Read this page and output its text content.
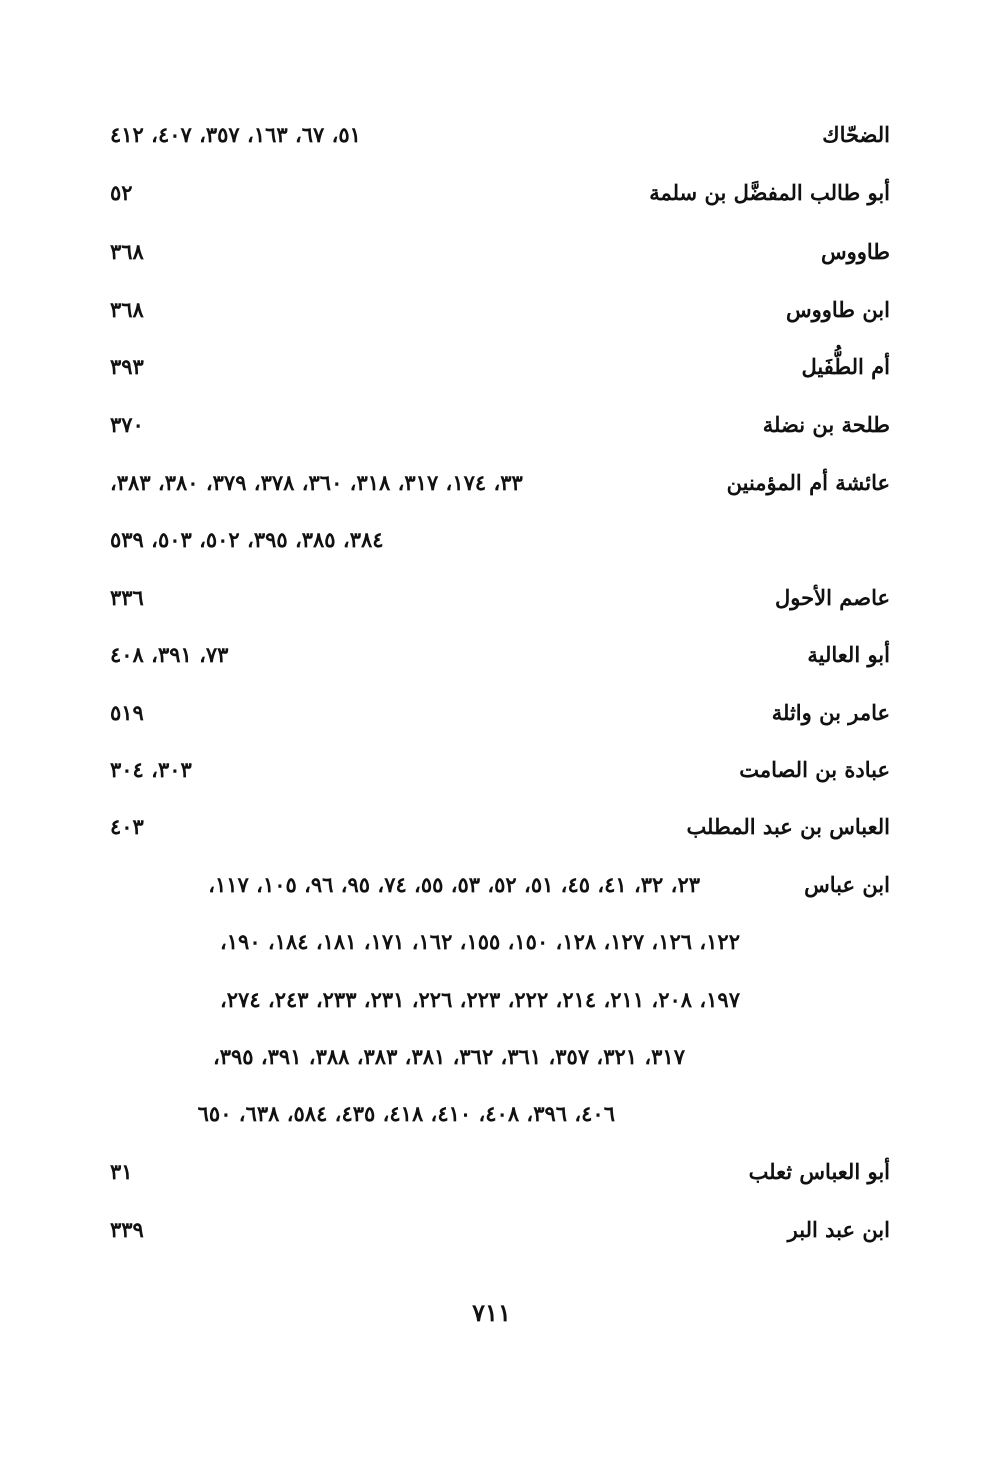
الضحّاك
٥١، ٦٧، ١٦٣، ٣٥٧، ٤٠٧، ٤١٢
أبو طالب المفضَّل بن سلمة
٥٢
طاووس
٣٦٨
ابن طاووس
٣٦٨
أم الطُّفَيل
٣٩٣
طلحة بن نضلة
٣٧٠
عائشة أم المؤمنين
٣٣، ١٧٤، ٣١٧، ٣١٨، ٣٦٠، ٣٧٨، ٣٧٩، ٣٨٠، ٣٨٣،
٣٨٤، ٣٨٥، ٣٩٥، ٥٠٢، ٥٠٣، ٥٣٩
عاصم الأحول
٣٣٦
أبو العالية
٧٣، ٣٩١، ٤٠٨
عامر بن واثلة
٥١٩
عبادة بن الصامت
٣٠٣، ٣٠٤
العباس بن عبد المطلب
٤٠٣
ابن عباس
٢٣، ٣٢، ٤١، ٤٥، ٥١، ٥٢، ٥٣، ٥٥، ٧٤، ٩٥، ٩٦، ١٠٥، ١١٧،
١٢٢، ١٢٦، ١٢٧، ١٢٨، ١٥٠، ١٥٥، ١٦٢، ١٧١، ١٨١، ١٨٤، ١٩٠،
١٩٧، ٢٠٨، ٢١١، ٢١٤، ٢٢٢، ٢٢٣، ٢٢٦، ٢٣١، ٢٣٣، ٢٤٣، ٢٧٤،
٣١٧، ٣٢١، ٣٥٧، ٣٦١، ٣٦٢، ٣٨١، ٣٨٣، ٣٨٨، ٣٩١، ٣٩٥،
٤٠٦، ٣٩٦، ٤٠٨، ٤١٠، ٤١٨، ٤٣٥، ٥٨٤، ٦٣٨، ٦٥٠
أبو العباس ثعلب
٣١
ابن عبد البر
٣٣٩
٧١١
